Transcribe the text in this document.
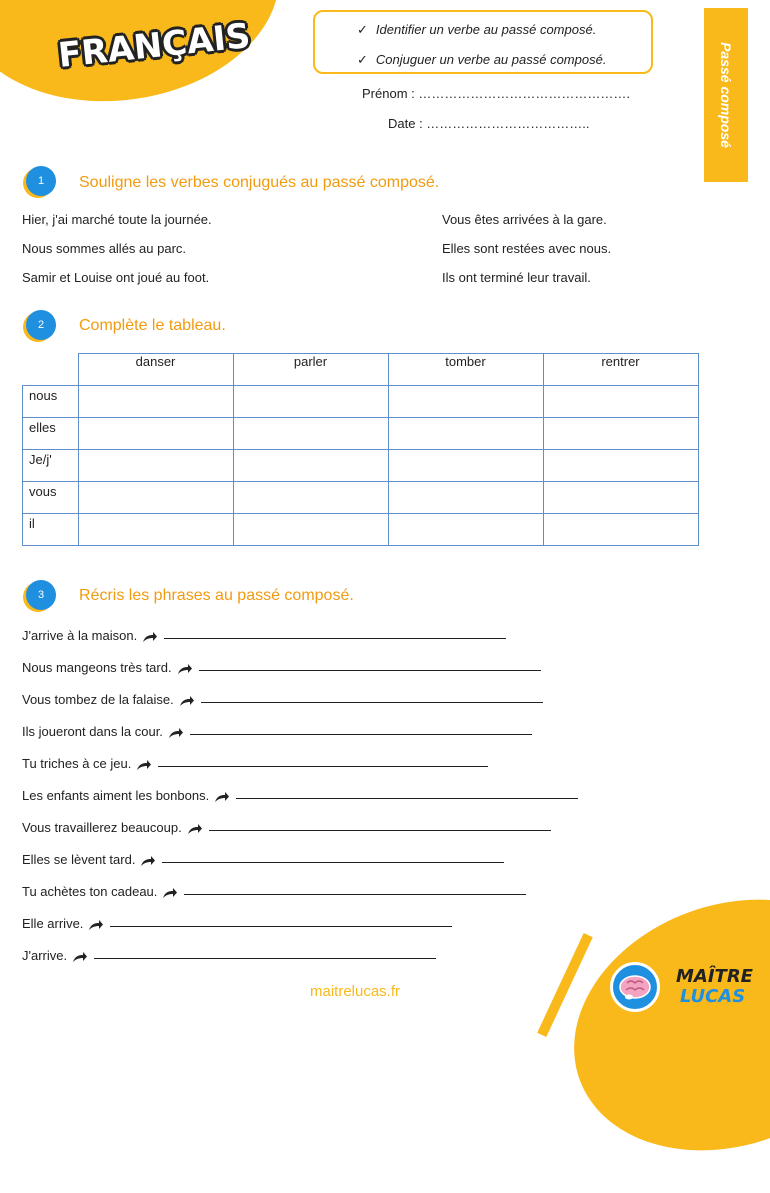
FRANÇAIS	✓ Identifier un verbe au passé composé.
✓ Conjuguer un verbe au passé composé.
Prénom : ………………………………………….
Date : ………………………………..	Passé composé
1	Souligne les verbes conjugués au passé composé.
Hier, j'ai marché toute la journée.
Nous sommes allés au parc.
Samir et Louise ont joué au foot.
Vous êtes arrivées à la gare.
Elles sont restées avec nous.
Ils ont terminé leur travail.
2	Complète le tableau.
	danser	parler	tomber	rentrer
nous				
elles				
Je/j'				
vous				
il				
3	Récris les phrases au passé composé.
J'arrive à la maison.
Nous mangeons très tard.
Vous tombez de la falaise.
Ils joueront dans la cour.
Tu triches à ce jeu.
Les enfants aiment les bonbons.
Vous travaillerez beaucoup.
Elles se lèvent tard.
Tu achètes ton cadeau.
Elle arrive.
J'arrive.
maitrelucas.fr
MAÎTRE
LUCAS
